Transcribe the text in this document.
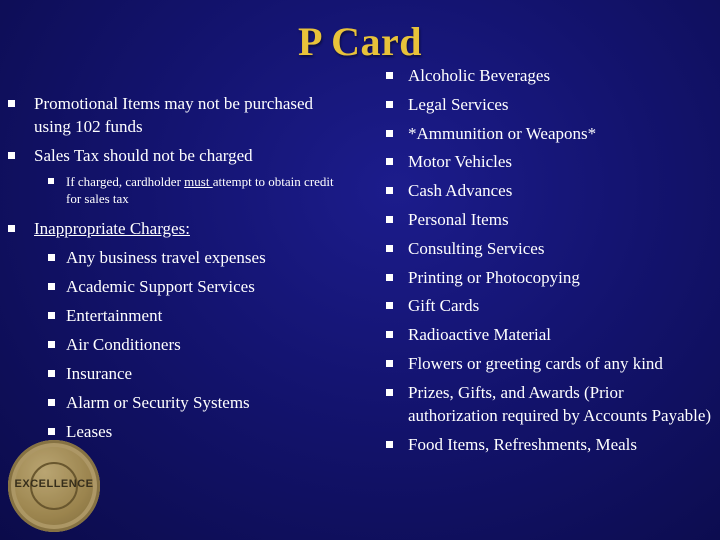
P Card
Promotional Items may not be purchased using 102 funds
Sales Tax should not be charged
If charged, cardholder must attempt to obtain credit for sales tax
Inappropriate Charges:
Any business travel expenses
Academic Support Services
Entertainment
Air Conditioners
Insurance
Alarm or Security Systems
Leases
Alcoholic Beverages
Legal Services
*Ammunition or Weapons*
Motor Vehicles
Cash Advances
Personal Items
Consulting Services
Printing or Photocopying
Gift Cards
Radioactive Material
Flowers or greeting cards of any kind
Prizes, Gifts, and Awards (Prior authorization required by Accounts Payable)
Food Items, Refreshments, Meals
EXCELLENCE
